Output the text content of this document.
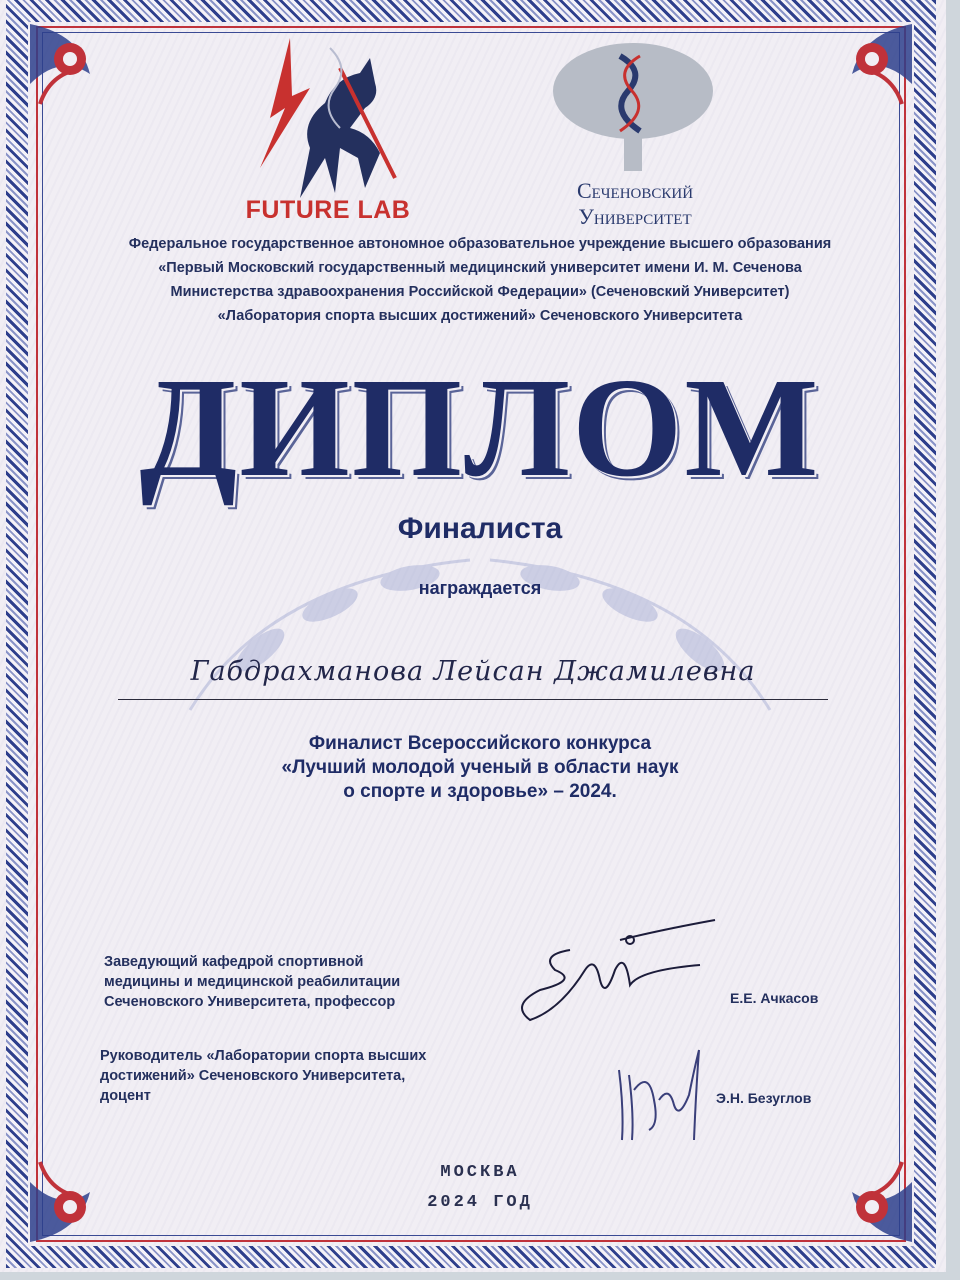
FUTURE LAB
Сеченовский
Университет
Федеральное государственное автономное образовательное учреждение высшего образования
«Первый Московский государственный медицинский университет имени И. М. Сеченова
Министерства здравоохранения Российской Федерации» (Сеченовский Университет)
«Лаборатория спорта высших достижений» Сеченовского Университета
ДИПЛОМ
Финалиста
награждается
Габдрахманова Лейсан Джамилевна
Финалист Всероссийского конкурса
«Лучший молодой ученый в области наук
о спорте и здоровье» – 2024.
Заведующий кафедрой спортивной
медицины и медицинской реабилитации
Сеченовского Университета, профессор	Е.Е. Ачкасов
Руководитель «Лаборатории спорта высших
достижений» Сеченовского Университета,
доцент	Э.Н. Безуглов
МОСКВА
2024 ГОД
